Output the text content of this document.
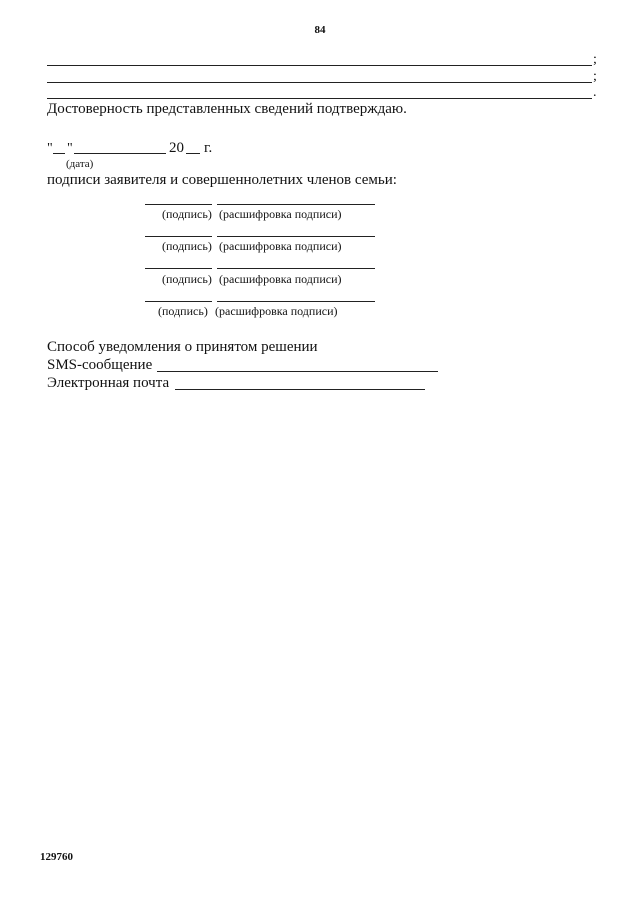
84
;
;
.
Достоверность представленных сведений подтверждаю.
" "	20 г.
(дата)
подписи заявителя и совершеннолетних членов семьи:
(подпись) (расшифровка подписи)
(подпись) (расшифровка подписи)
(подпись) (расшифровка подписи)
(подпись) (расшифровка подписи)
Способ уведомления о принятом решении
SMS-сообщение
Электронная почта
129760
